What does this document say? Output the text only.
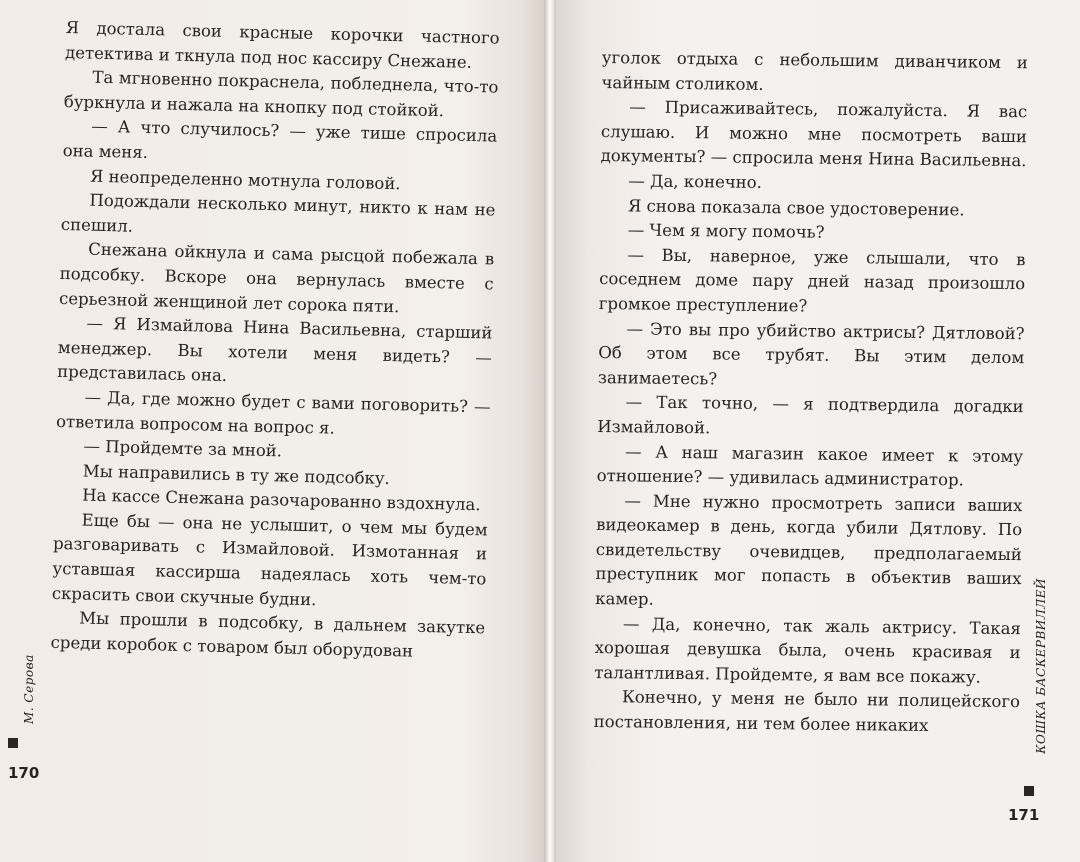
Я достала свои красные корочки частного детектива и ткнула под нос кассиру Снежане.

Та мгновенно покраснела, побледнела, что-то буркнула и нажала на кнопку под стойкой.

— А что случилось? — уже тише спросила она меня.

Я неопределенно мотнула головой.

Подождали несколько минут, никто к нам не спешил.

Снежана ойкнула и сама рысцой побежала в подсобку. Вскоре она вернулась вместе с серьезной женщиной лет сорока пяти.

— Я Измайлова Нина Васильевна, старший менеджер. Вы хотели меня видеть? — представилась она.

— Да, где можно будет с вами поговорить? — ответила вопросом на вопрос я.

— Пройдемте за мной.

Мы направились в ту же подсобку.

На кассе Снежана разочарованно вздохнула.

Еще бы — она не услышит, о чем мы будем разговаривать с Измайловой. Измотанная и уставшая кассирша надеялась хоть чем-то скрасить свои скучные будни.

Мы прошли в подсобку, в дальнем закутке среди коробок с товаром был оборудован

М. Серова
170

уголок отдыха с небольшим диванчиком и чайным столиком.

— Присаживайтесь, пожалуйста. Я вас слушаю. И можно мне посмотреть ваши документы? — спросила меня Нина Васильевна.

— Да, конечно.

Я снова показала свое удостоверение.

— Чем я могу помочь?

— Вы, наверное, уже слышали, что в соседнем доме пару дней назад произошло громкое преступление?

— Это вы про убийство актрисы? Дятловой? Об этом все трубят. Вы этим делом занимаетесь?

— Так точно, — я подтвердила догадки Измайловой.

— А наш магазин какое имеет к этому отношение? — удивилась администратор.

— Мне нужно просмотреть записи ваших видеокамер в день, когда убили Дятлову. По свидетельству очевидцев, предполагаемый преступник мог попасть в объектив ваших камер.

— Да, конечно, так жаль актрису. Такая хорошая девушка была, очень красивая и талантливая. Пройдемте, я вам все покажу.

Конечно, у меня не было ни полицейского постановления, ни тем более никаких	КОШКА БАСКЕРВИЛЛЕЙ
171
